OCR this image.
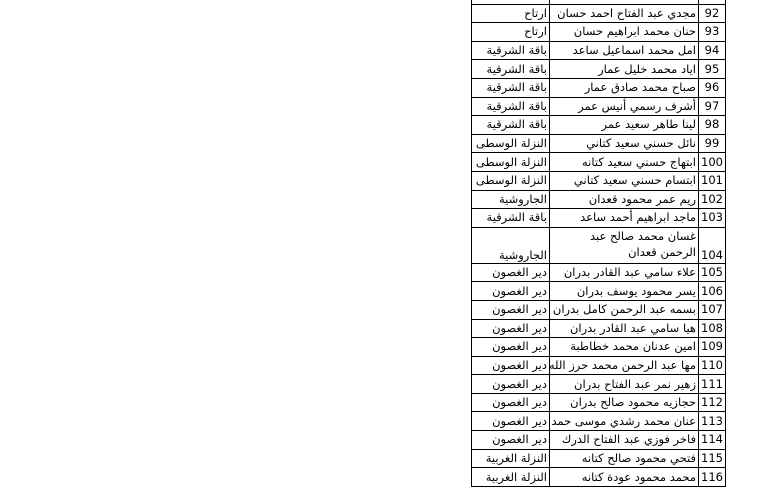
92	مجدي عبد الفتاح احمد حسان	ارتاح
93	حنان محمد ابراهيم حسان	ارتاح
94	امل محمد اسماعيل ساعد	باقة الشرقية
95	اياد محمد خليل عمار	باقة الشرقية
96	صباح محمد صادق عمار	باقة الشرقية
97	أشرف رسمي أنيس عمر	باقة الشرقية
98	لينا طاهر سعيد عمر	باقة الشرقية
99	نائل حسني سعيد كتاني	النزلة الوسطى
100	ابتهاج حسني سعيد كتانه	النزلة الوسطى
101	ابتسام حسني سعيد كتاني	النزلة الوسطى
102	ريم عمر محمود قعدان	الجاروشية
103	ماجد ابراهيم أحمد ساعد	باقة الشرقية
104	غسان محمد صالح عبد الرحمن قعدان	الجاروشية
105	علاء سامي عبد القادر بدران	دير الغصون
106	يسر محمود يوسف بدران	دير الغصون
107	بسمه عبد الرحمن كامل بدران	دير الغصون
108	هيا سامي عبد القادر بدران	دير الغصون
109	امين عدنان محمد خطاطبة	دير الغصون
110	مها عبد الرحمن محمد حرز الله	دير الغصون
111	زهير نمر عبد الفتاح بدران	دير الغصون
112	حجازيه محمود صالح بدران	دير الغصون
113	عنان محمد رشدي موسى حمد	دير الغصون
114	فاخر فوزي عبد الفتاح الدرك	دير الغصون
115	فتحي محمود صالح كتانه	النزلة الغربية
116	محمد محمود عودة كتانه	النزلة الغربية
